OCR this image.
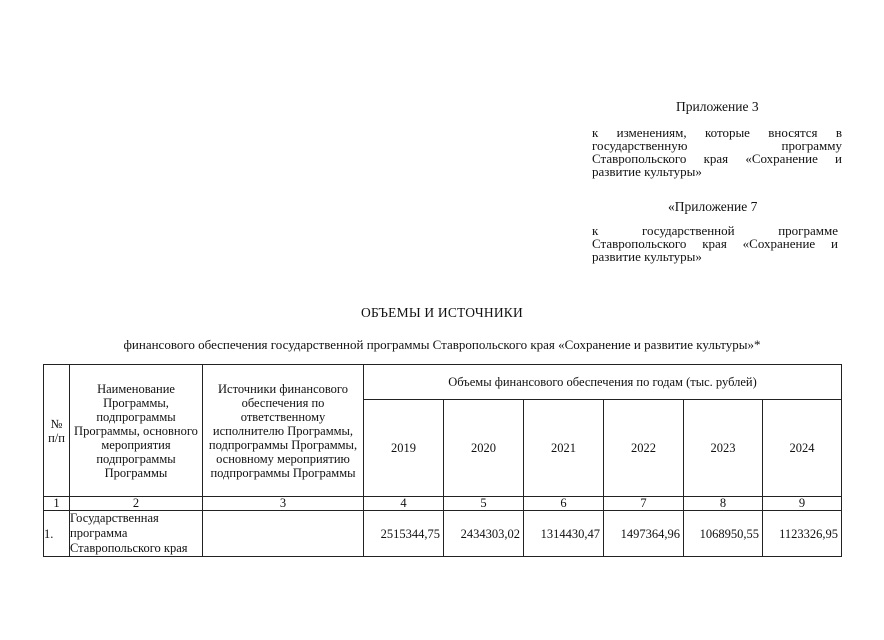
Приложение 3
к изменениям, которые вносятся в государственную программу Ставропольского края «Сохранение и развитие культуры»
«Приложение 7
к государственной программе Ставропольского края «Сохранение и развитие культуры»
ОБЪЕМЫ И ИСТОЧНИКИ
финансового обеспечения государственной программы Ставропольского края «Сохранение и развитие культуры»*
№ п/п	Наименование Программы, подпрограммы Программы, основного мероприятия подпрограммы Программы	Источники финансового обеспечения по ответственному исполнителю Программы, подпрограммы Программы, основному мероприятию подпрограммы Программы	Объемы финансового обеспечения по годам (тыс. рублей)					
			2019	2020	2021	2022	2023	2024
1	2	3	4	5	6	7	8	9
1.	Государственная программа Ставропольского края		2515344,75	2434303,02	1314430,47	1497364,96	1068950,55	1123326,95
